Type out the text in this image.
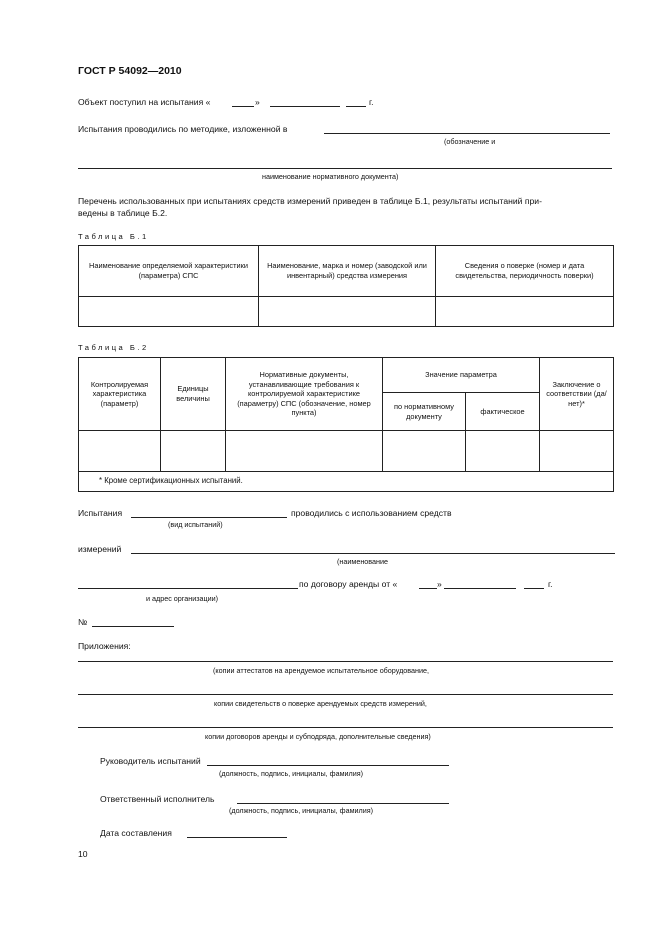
ГОСТ Р 54092—2010
Объект поступил на испытания «	»	г.
Испытания проводились по методике, изложенной в
(обозначение и
наименование нормативного документа)
Перечень использованных при испытаниях средств измерений приведен в таблице Б.1, результаты испытаний при-
ведены в таблице Б.2.
Таблица Б.1
Наименование определяемой характеристики (параметра) СПС	Наименование, марка и номер (заводской или инвентарный) средства измерения	Сведения о поверке (номер и дата свидетельства, периодичность поверки)

Таблица Б.2
Контролируемая характеристика (параметр)	Единицы величины	Нормативные документы, устанавливающие требования к контролируемой характеристике (параметру) СПС (обозначение, номер пункта)	Значение параметра		Заключение о соответствии (да/нет)*
			по нормативному документу	фактическое	

* Кроме сертификационных испытаний.					
Испытания	проводились с использованием средств
(вид испытаний)
измерений
(наименование
по договору аренды от «	»	г.
и адрес организации)
№
Приложения:
(копии аттестатов на арендуемое испытательное оборудование,
копии свидетельств о поверке арендуемых средств измерений,
копии договоров аренды и субподряда, дополнительные сведения)
Руководитель испытаний
(должность, подпись, инициалы, фамилия)
Ответственный исполнитель
(должность, подпись, инициалы, фамилия)
Дата составления
10
